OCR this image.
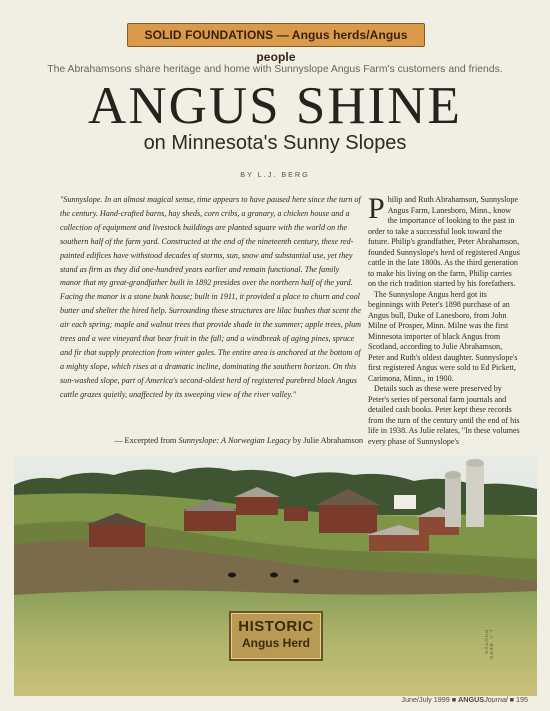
SOLID FOUNDATIONS — Angus herds/Angus people
The Abrahamsons share heritage and home with Sunnyslope Angus Farm's customers and friends.
ANGUS SHINE
on Minnesota's Sunny Slopes
BY L.J. BERG

"Sunnyslope. In an almost magical sense, time appears to have paused here since the turn of the century. Hand-crafted barns, hay sheds, corn cribs, a granary, a chicken house and a collection of equipment and livestock buildings are planted square with the world on the southern half of the farm yard. Constructed at the end of the nineteenth century, these red-painted edifices have withstood decades of storms, sun, snow and substantial use, yet they stand as firm as they did one-hundred years earlier and remain functional. The family manor that my great-grandfather built in 1892 presides over the northern half of the yard. Facing the manor is a stone bunk house; built in 1911, it provided a place to churn and cool butter and shelter the hired help. Surrounding these structures are lilac bushes that scent the air each spring; maple and walnut trees that provide shade in the summer; apple trees, plum trees and a wee vineyard that bear fruit in the fall; and a windbreak of aging pines, spruce and fir that supply protection from winter gales. The entire area is anchored at the bottom of a mighty slope, which rises at a dramatic incline, dominating the southern horizon. On this sun-washed slope, part of America's second-oldest herd of registered purebred black Angus cattle grazes quietly, unaffected by its sweeping view of the river valley."

— Excerpted from Sunnyslope: A Norwegian Legacy by Julie Abrahamson

Philip and Ruth Abrahamson, Sunnyslope Angus Farm, Lanesboro, Minn., know the importance of looking to the past in order to take a successful look toward the future. Philip's grandfather, Peter Abrahamson, founded Sunnyslope's herd of registered Angus cattle in the late 1800s. As the third generation to make his living on the farm, Philip carries on the rich tradition started by his forefathers.

The Sunnyslope Angus herd got its beginnings with Peter's 1898 purchase of an Angus bull, Duke of Lanesboro, from John Milne of Prosper, Minn. Milne was the first Minnesota importer of black Angus from Scotland, according to Julie Abrahamson, Peter and Ruth's oldest daughter. Sunnyslope's first registered Angus were sold to Ed Pickett, Carimona, Minn., in 1900.

Details such as these were preserved by Peter's series of personal farm journals and detailed cash books. Peter kept these records from the turn of the century until the end of his life in 1938. As Julie relates, "In these volumes every phase of Sunnyslope's

HISTORIC
Angus Herd	L.J. BERG PHOTOS
June/July 1999 ■ ANGUSJournal ■ 195
